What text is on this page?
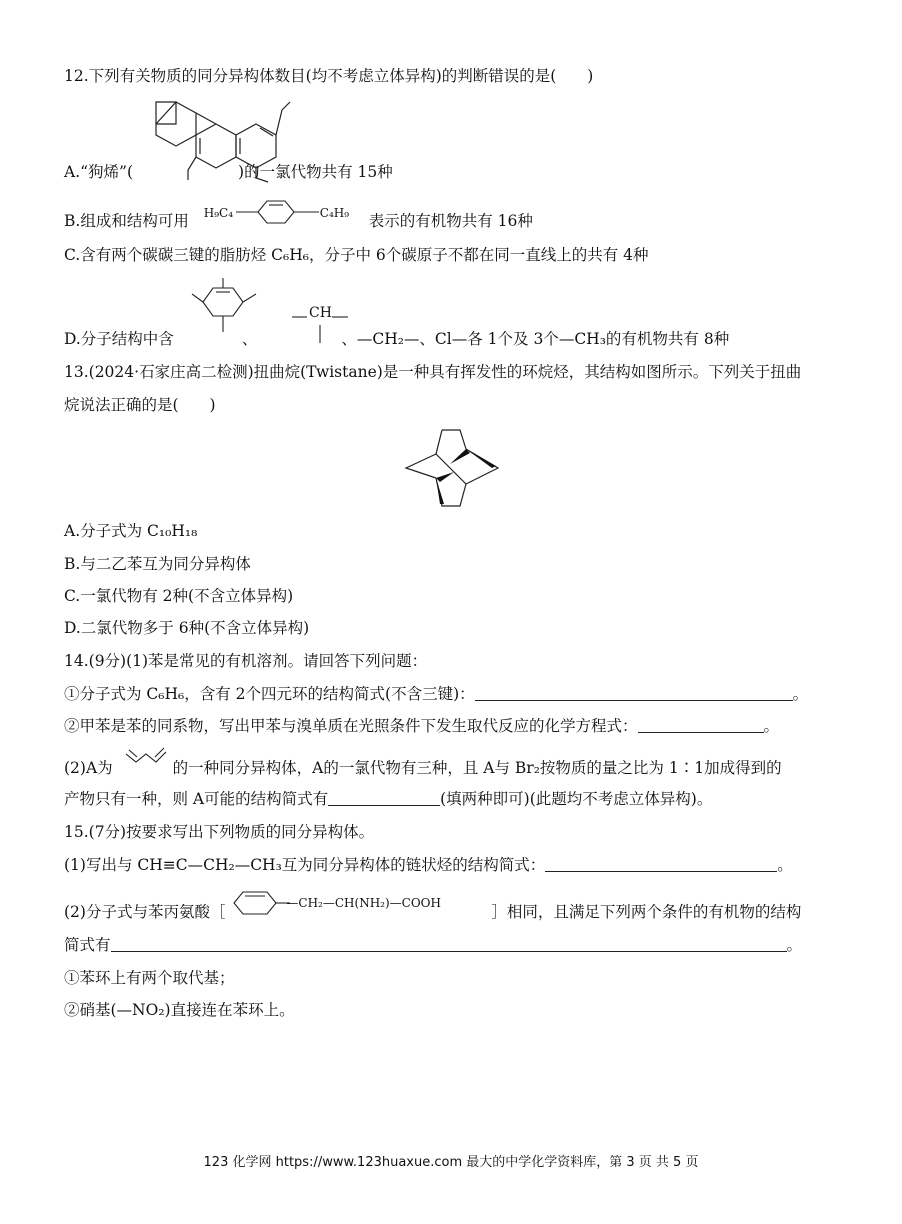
12.下列有关物质的同分异构体数目(均不考虑立体异构)的判断错误的是(　　)
A.“狗烯”(	)的一氯代物共有 15种
B.组成和结构可用 H₉C₄	C₄H₉ 表示的有机物共有 16种
C.含有两个碳碳三键的脂肪烃 C₆H₆，分子中 6个碳原子不都在同一直线上的共有 4种
CH
D.分子结构中含	、	、—CH₂—、Cl—各 1个及 3个—CH₃的有机物共有 8种
13.(2024·石家庄高二检测)扭曲烷(Twistane)是一种具有挥发性的环烷烃，其结构如图所示。下列关于扭曲
烷说法正确的是(　　)
A.分子式为 C₁₀H₁₈
B.与二乙苯互为同分异构体
C.一氯代物有 2种(不含立体异构)
D.二氯代物多于 6种(不含立体异构)
14.(9分)(1)苯是常见的有机溶剂。请回答下列问题：
①分子式为 C₆H₆，含有 2个四元环的结构简式(不含三键)：	。
②甲苯是苯的同系物，写出甲苯与溴单质在光照条件下发生取代反应的化学方程式：	。
(2)A为	的一种同分异构体，A的一氯代物有三种，且 A与 Br₂按物质的量之比为 1∶1加成得到的
产物只有一种，则 A可能的结构简式有	(填两种即可)(此题均不考虑立体异构)。
15.(7分)按要求写出下列物质的同分异构体。
(1)写出与 CH≡C—CH₂—CH₃互为同分异构体的链状烃的结构简式：	。
(2)分子式与苯丙氨酸［	—CH₂—CH(NH₂)—COOH	］相同，且满足下列两个条件的有机物的结构
简式有	。
①苯环上有两个取代基；
②硝基(—NO₂)直接连在苯环上。
123 化学网 https://www.123huaxue.com 最大的中学化学资料库，第 3 页 共 5 页
